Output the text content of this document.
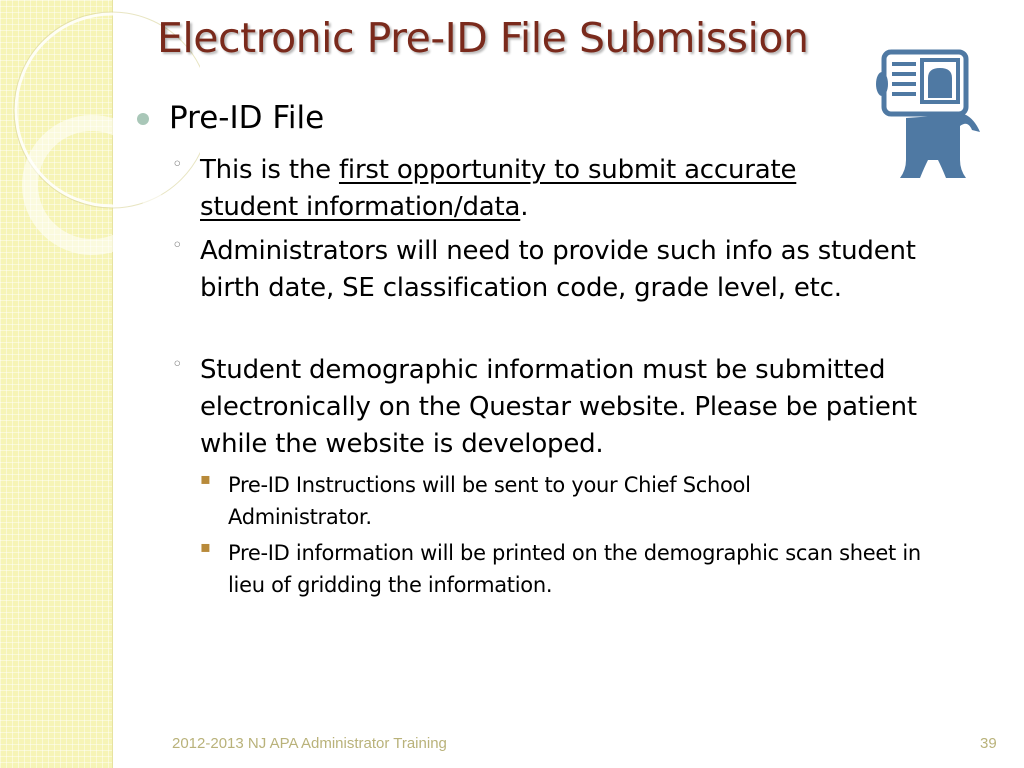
Electronic Pre-ID File Submission
Pre-ID File
◦ This is the first opportunity to submit accurate student information/data.
◦ Administrators will need to provide such info as student birth date, SE classification code, grade level, etc.
◦ Student demographic information must be submitted electronically on the Questar website. Please be patient while the website is developed.
▪ Pre-ID Instructions will be sent to your Chief School Administrator.
▪ Pre-ID information will be printed on the demographic scan sheet in lieu of gridding the information.
2012-2013 NJ APA Administrator Training	39
